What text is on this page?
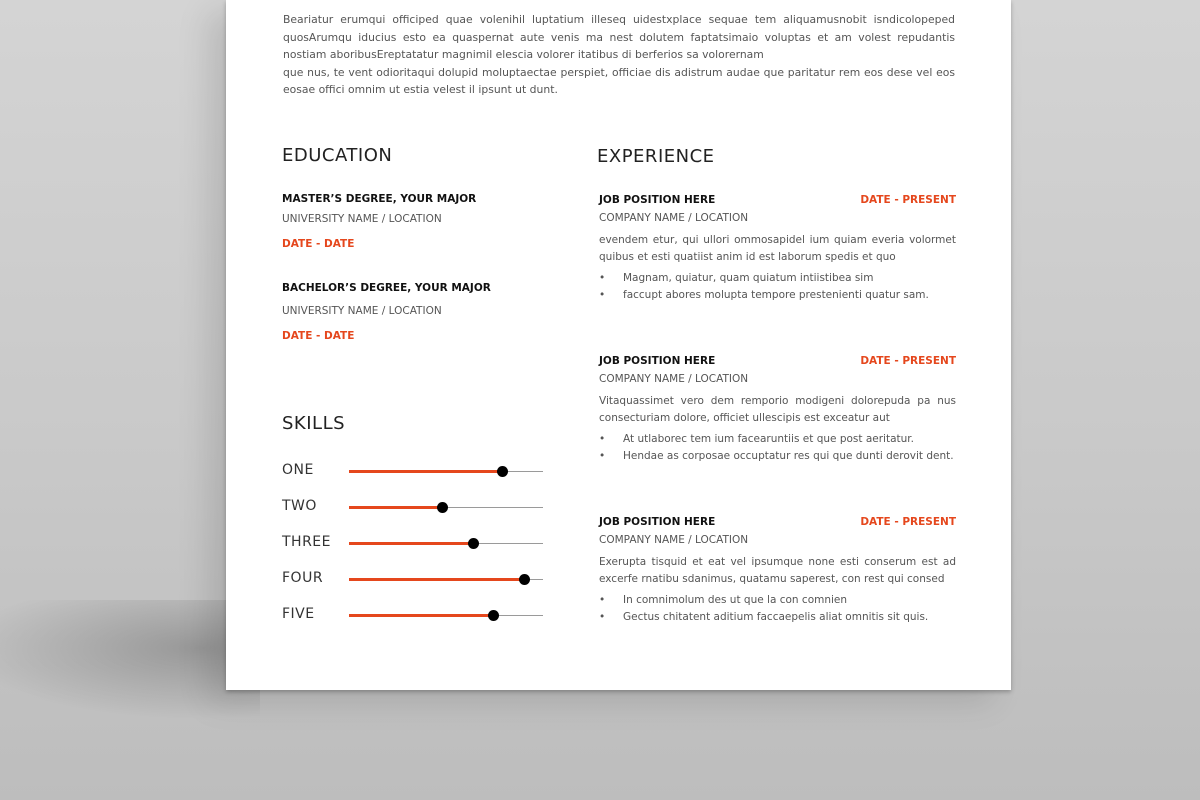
Beariatur erumqui officiped quae volenihil luptatium illeseq uidestxplace sequae tem aliquamusnobit isndicolореped quosArumqu iducius esto ea quaspernat aute venis ma nest dolutem faptatsimaio voluptas et am volest repudantis nostiam aboribusEreptatatur magnimil elescia volorer itatibus di berferios sa volorernam

que nus, te vent odioritaqui dolupid moluptaectae perspiet, officiae dis adistrum audae que paritatur rem eos dese vel eos eosae offici omnim ut estia velest il ipsunt ut dunt.

EDUCATION
MASTER’S DEGREE, YOUR MAJOR
UNIVERSITY NAME / LOCATION
DATE - DATE
BACHELOR’S DEGREE, YOUR MAJOR
UNIVERSITY NAME / LOCATION
DATE - DATE
EXPERIENCE
JOB POSITION HERE	DATE - PRESENT
COMPANY NAME / LOCATION
evendem etur, qui ullori ommosapidel ium quiam everia volormet quibus et esti quatiist anim id est laborum spedis et quo
• Magnam, quiatur, quam quiatum intiistibea sim
• faccupt abores molupta tempore prestenienti quatur sam.
JOB POSITION HERE	DATE - PRESENT
COMPANY NAME / LOCATION
Vitaquassimet vero dem remporio modigeni dolorepuda pa nus consecturiam dolore, officiet ullescipis est exceatur aut
• At utlaborec tem ium facearuntiis et que post aeritatur.
• Hendae as corposae occuptatur res qui que dunti derovit dent.
JOB POSITION HERE	DATE - PRESENT
COMPANY NAME / LOCATION
Exerupta tisquid et eat vel ipsumque none esti conserum est ad excerfe rnatibu sdanimus, quatamu saperest, con rest qui consed
• In comnimolum des ut que la con comnien
• Gectus chitatent aditium faccaepelis aliat omnitis sit quis.
SKILLS
ONE
TWO
THREE
FOUR
FIVE
